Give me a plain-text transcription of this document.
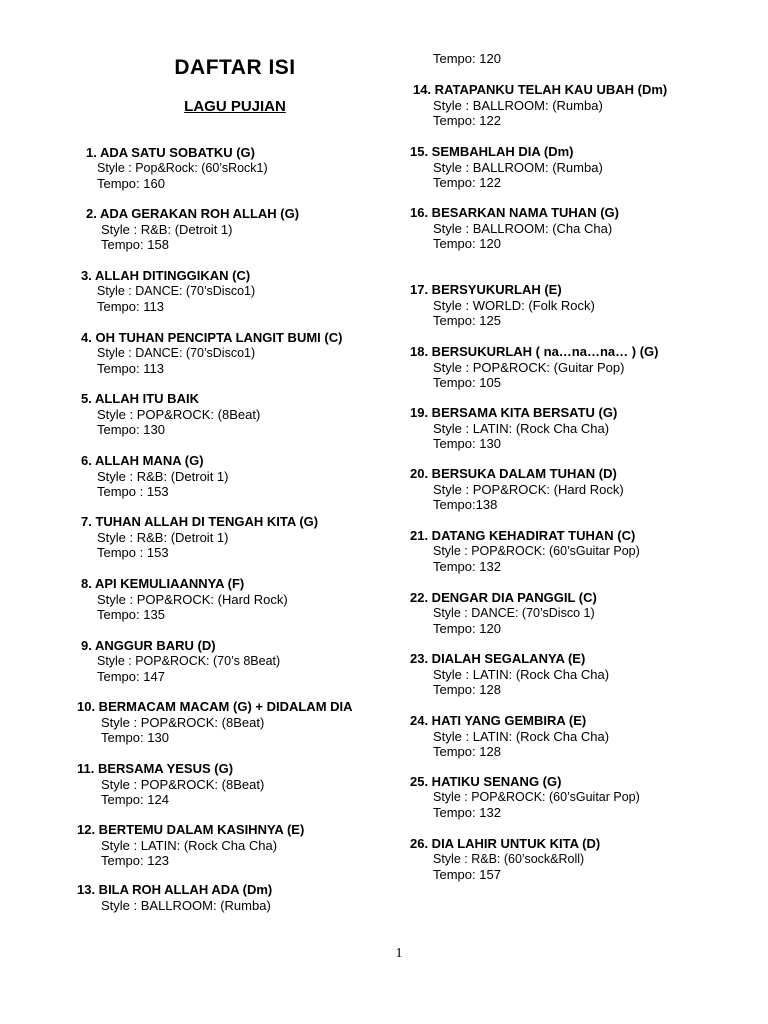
DAFTAR ISI
LAGU PUJIAN
1. ADA SATU SOBATKU (G)
Style : Pop&Rock: (60’sRock1)
Tempo: 160
2. ADA GERAKAN ROH ALLAH (G)
Style : R&B: (Detroit 1)
Tempo: 158
3. ALLAH DITINGGIKAN (C)
Style : DANCE: (70’sDisco1)
Tempo: 113
4. OH TUHAN PENCIPTA LANGIT BUMI (C)
Style : DANCE: (70’sDisco1)
Tempo: 113
5. ALLAH ITU BAIK
Style : POP&ROCK: (8Beat)
Tempo: 130
6. ALLAH MANA (G)
Style : R&B: (Detroit 1)
Tempo : 153
7. TUHAN ALLAH DI TENGAH KITA (G)
Style : R&B: (Detroit 1)
Tempo : 153
8. API KEMULIAANNYA (F)
Style : POP&ROCK: (Hard Rock)
Tempo: 135
9. ANGGUR BARU (D)
Style : POP&ROCK: (70’s 8Beat)
Tempo: 147
10. BERMACAM MACAM (G) + DIDALAM DIA
Style : POP&ROCK: (8Beat)
Tempo: 130
11. BERSAMA YESUS (G)
Style : POP&ROCK: (8Beat)
Tempo: 124
12. BERTEMU DALAM KASIHNYA (E)
Style : LATIN: (Rock Cha Cha)
Tempo: 123
13. BILA ROH ALLAH ADA (Dm)
Style : BALLROOM: (Rumba)
Tempo: 120
14. RATAPANKU TELAH KAU UBAH (Dm)
Style : BALLROOM: (Rumba)
Tempo: 122
15. SEMBAHLAH DIA (Dm)
Style : BALLROOM: (Rumba)
Tempo: 122
16. BESARKAN NAMA TUHAN (G)
Style : BALLROOM: (Cha Cha)
Tempo: 120
17. BERSYUKURLAH (E)
Style : WORLD: (Folk Rock)
Tempo: 125
18. BERSUKURLAH ( na…na…na… ) (G)
Style : POP&ROCK: (Guitar Pop)
Tempo: 105
19. BERSAMA KITA BERSATU (G)
Style : LATIN: (Rock Cha Cha)
Tempo: 130
20. BERSUKA DALAM TUHAN (D)
Style : POP&ROCK: (Hard Rock)
Tempo:138
21. DATANG KEHADIRAT TUHAN (C)
Style : POP&ROCK: (60’sGuitar Pop)
Tempo: 132
22. DENGAR DIA PANGGIL (C)
Style : DANCE: (70’sDisco 1)
Tempo: 120
23. DIALAH SEGALANYA (E)
Style : LATIN: (Rock Cha Cha)
Tempo: 128
24. HATI YANG GEMBIRA (E)
Style : LATIN: (Rock Cha Cha)
Tempo: 128
25. HATIKU SENANG (G)
Style : POP&ROCK: (60’sGuitar Pop)
Tempo: 132
26. DIA LAHIR UNTUK KITA (D)
Style : R&B: (60’sock&Roll)
Tempo: 157
1
